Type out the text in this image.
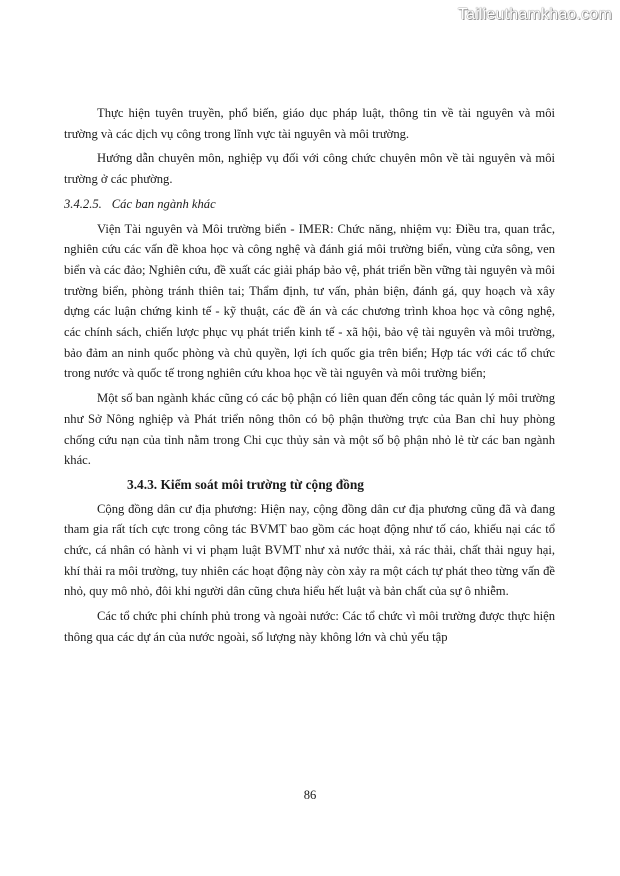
Tailieuthamkhao.com

Thực hiện tuyên truyền, phổ biến, giáo dục pháp luật, thông tin về tài nguyên và môi trường và các dịch vụ công trong lĩnh vực tài nguyên và môi trường.

Hướng dẫn chuyên môn, nghiệp vụ đối với công chức chuyên môn về tài nguyên và môi trường ở các phường.

3.4.2.5. Các ban ngành khác

Viện Tài nguyên và Môi trường biển - IMER: Chức năng, nhiệm vụ: Điều tra, quan trắc, nghiên cứu các vấn đề khoa học và công nghệ và đánh giá môi trường biển, vùng cửa sông, ven biển và các đảo; Nghiên cứu, đề xuất các giải pháp bảo vệ, phát triển bền vững tài nguyên và môi trường biển, phòng tránh thiên tai; Thẩm định, tư vấn, phản biện, đánh gá, quy hoạch và xây dựng các luận chứng kinh tế - kỹ thuật, các đề án và các chương trình khoa học và công nghệ, các chính sách, chiến lược phục vụ phát triển kinh tế - xã hội, bảo vệ tài nguyên và môi trường, bảo đảm an ninh quốc phòng và chủ quyền, lợi ích quốc gia trên biển; Hợp tác với các tổ chức trong nước và quốc tế trong nghiên cứu khoa học về tài nguyên và môi trường biển;

Một số ban ngành khác cũng có các bộ phận có liên quan đến công tác quản lý môi trường như Sở Nông nghiệp và Phát triển nông thôn có bộ phận thường trực của Ban chỉ huy phòng chống cứu nạn của tỉnh nằm trong Chi cục thủy sản và một số bộ phận nhỏ lẻ từ các ban ngành khác.

3.4.3. Kiểm soát môi trường từ cộng đồng

Cộng đồng dân cư địa phương: Hiện nay, cộng đồng dân cư địa phương cũng đã và đang tham gia rất tích cực trong công tác BVMT bao gồm các hoạt động như tố cáo, khiếu nại các tổ chức, cá nhân có hành vi vi phạm luật BVMT như xả nước thải, xả rác thải, chất thải nguy hại, khí thải ra môi trường, tuy nhiên các hoạt động này còn xảy ra một cách tự phát theo từng vấn đề nhỏ, quy mô nhỏ, đôi khi người dân cũng chưa hiểu hết luật và bản chất của sự ô nhiễm.

Các tổ chức phi chính phủ trong và ngoài nước: Các tổ chức vì môi trường được thực hiện thông qua các dự án của nước ngoài, số lượng này không lớn và chủ yếu tập

86
